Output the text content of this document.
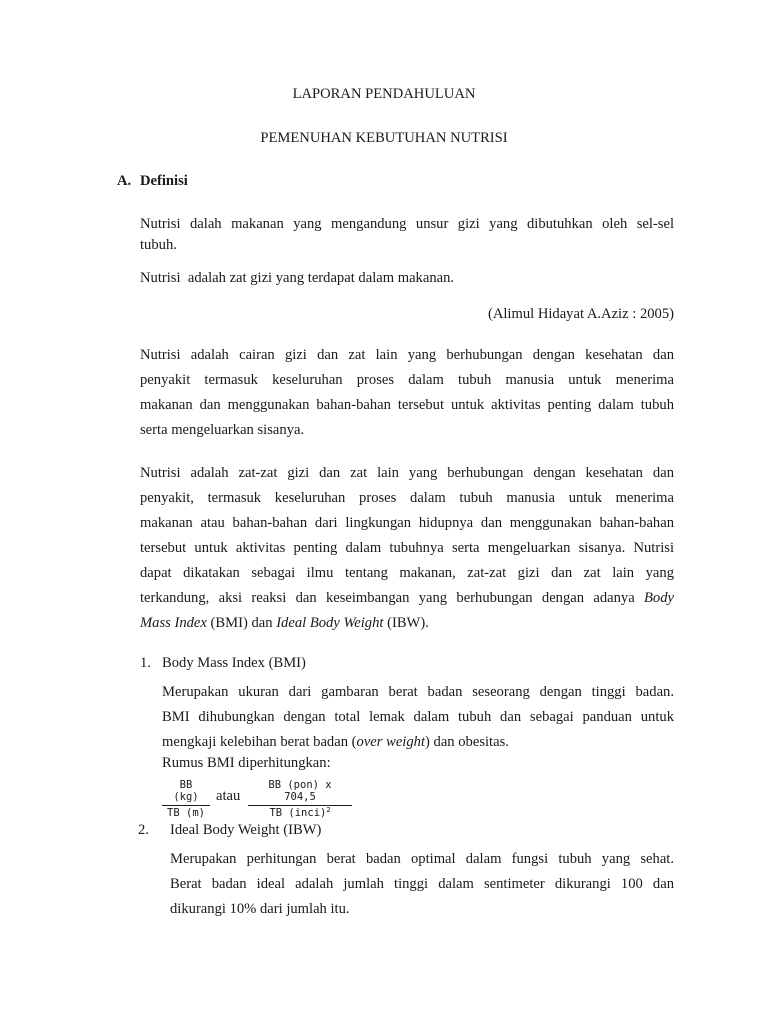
LAPORAN PENDAHULUAN
PEMENUHAN KEBUTUHAN NUTRISI
A. Definisi
Nutrisi dalah makanan yang mengandung unsur gizi yang dibutuhkan oleh sel-sel
tubuh.
Nutrisi  adalah zat gizi yang terdapat dalam makanan.
(Alimul Hidayat A.Aziz : 2005)
Nutrisi adalah cairan gizi dan zat lain yang berhubungan dengan kesehatan dan
penyakit termasuk keseluruhan proses dalam tubuh manusia untuk menerima
makanan dan menggunakan bahan-bahan tersebut untuk aktivitas penting dalam tubuh
serta mengeluarkan sisanya.
Nutrisi adalah zat-zat gizi dan zat lain yang berhubungan dengan kesehatan dan
penyakit, termasuk keseluruhan proses dalam tubuh manusia untuk menerima
makanan atau bahan-bahan dari lingkungan hidupnya dan menggunakan bahan-bahan
tersebut untuk aktivitas penting dalam tubuhnya serta mengeluarkan sisanya. Nutrisi
dapat dikatakan sebagai ilmu tentang makanan, zat-zat gizi dan zat lain yang
terkandung, aksi reaksi dan keseimbangan yang berhubungan dengan adanya Body
Mass Index (BMI) dan Ideal Body Weight (IBW).
1. Body Mass Index (BMI)
Merupakan ukuran dari gambaran berat badan seseorang dengan tinggi badan.
BMI dihubungkan dengan total lemak dalam tubuh dan sebagai panduan untuk
mengkaji kelebihan berat badan (over weight) dan obesitas.
Rumus BMI diperhitungkan:
BB (kg)
TB (m)
atau
BB (pon) x 704,5
TB (inci)$^2$
2. Ideal Body Weight (IBW)
Merupakan perhitungan berat badan optimal dalam fungsi tubuh yang sehat.
Berat badan ideal adalah jumlah tinggi dalam sentimeter dikurangi 100 dan
dikurangi 10% dari jumlah itu.
